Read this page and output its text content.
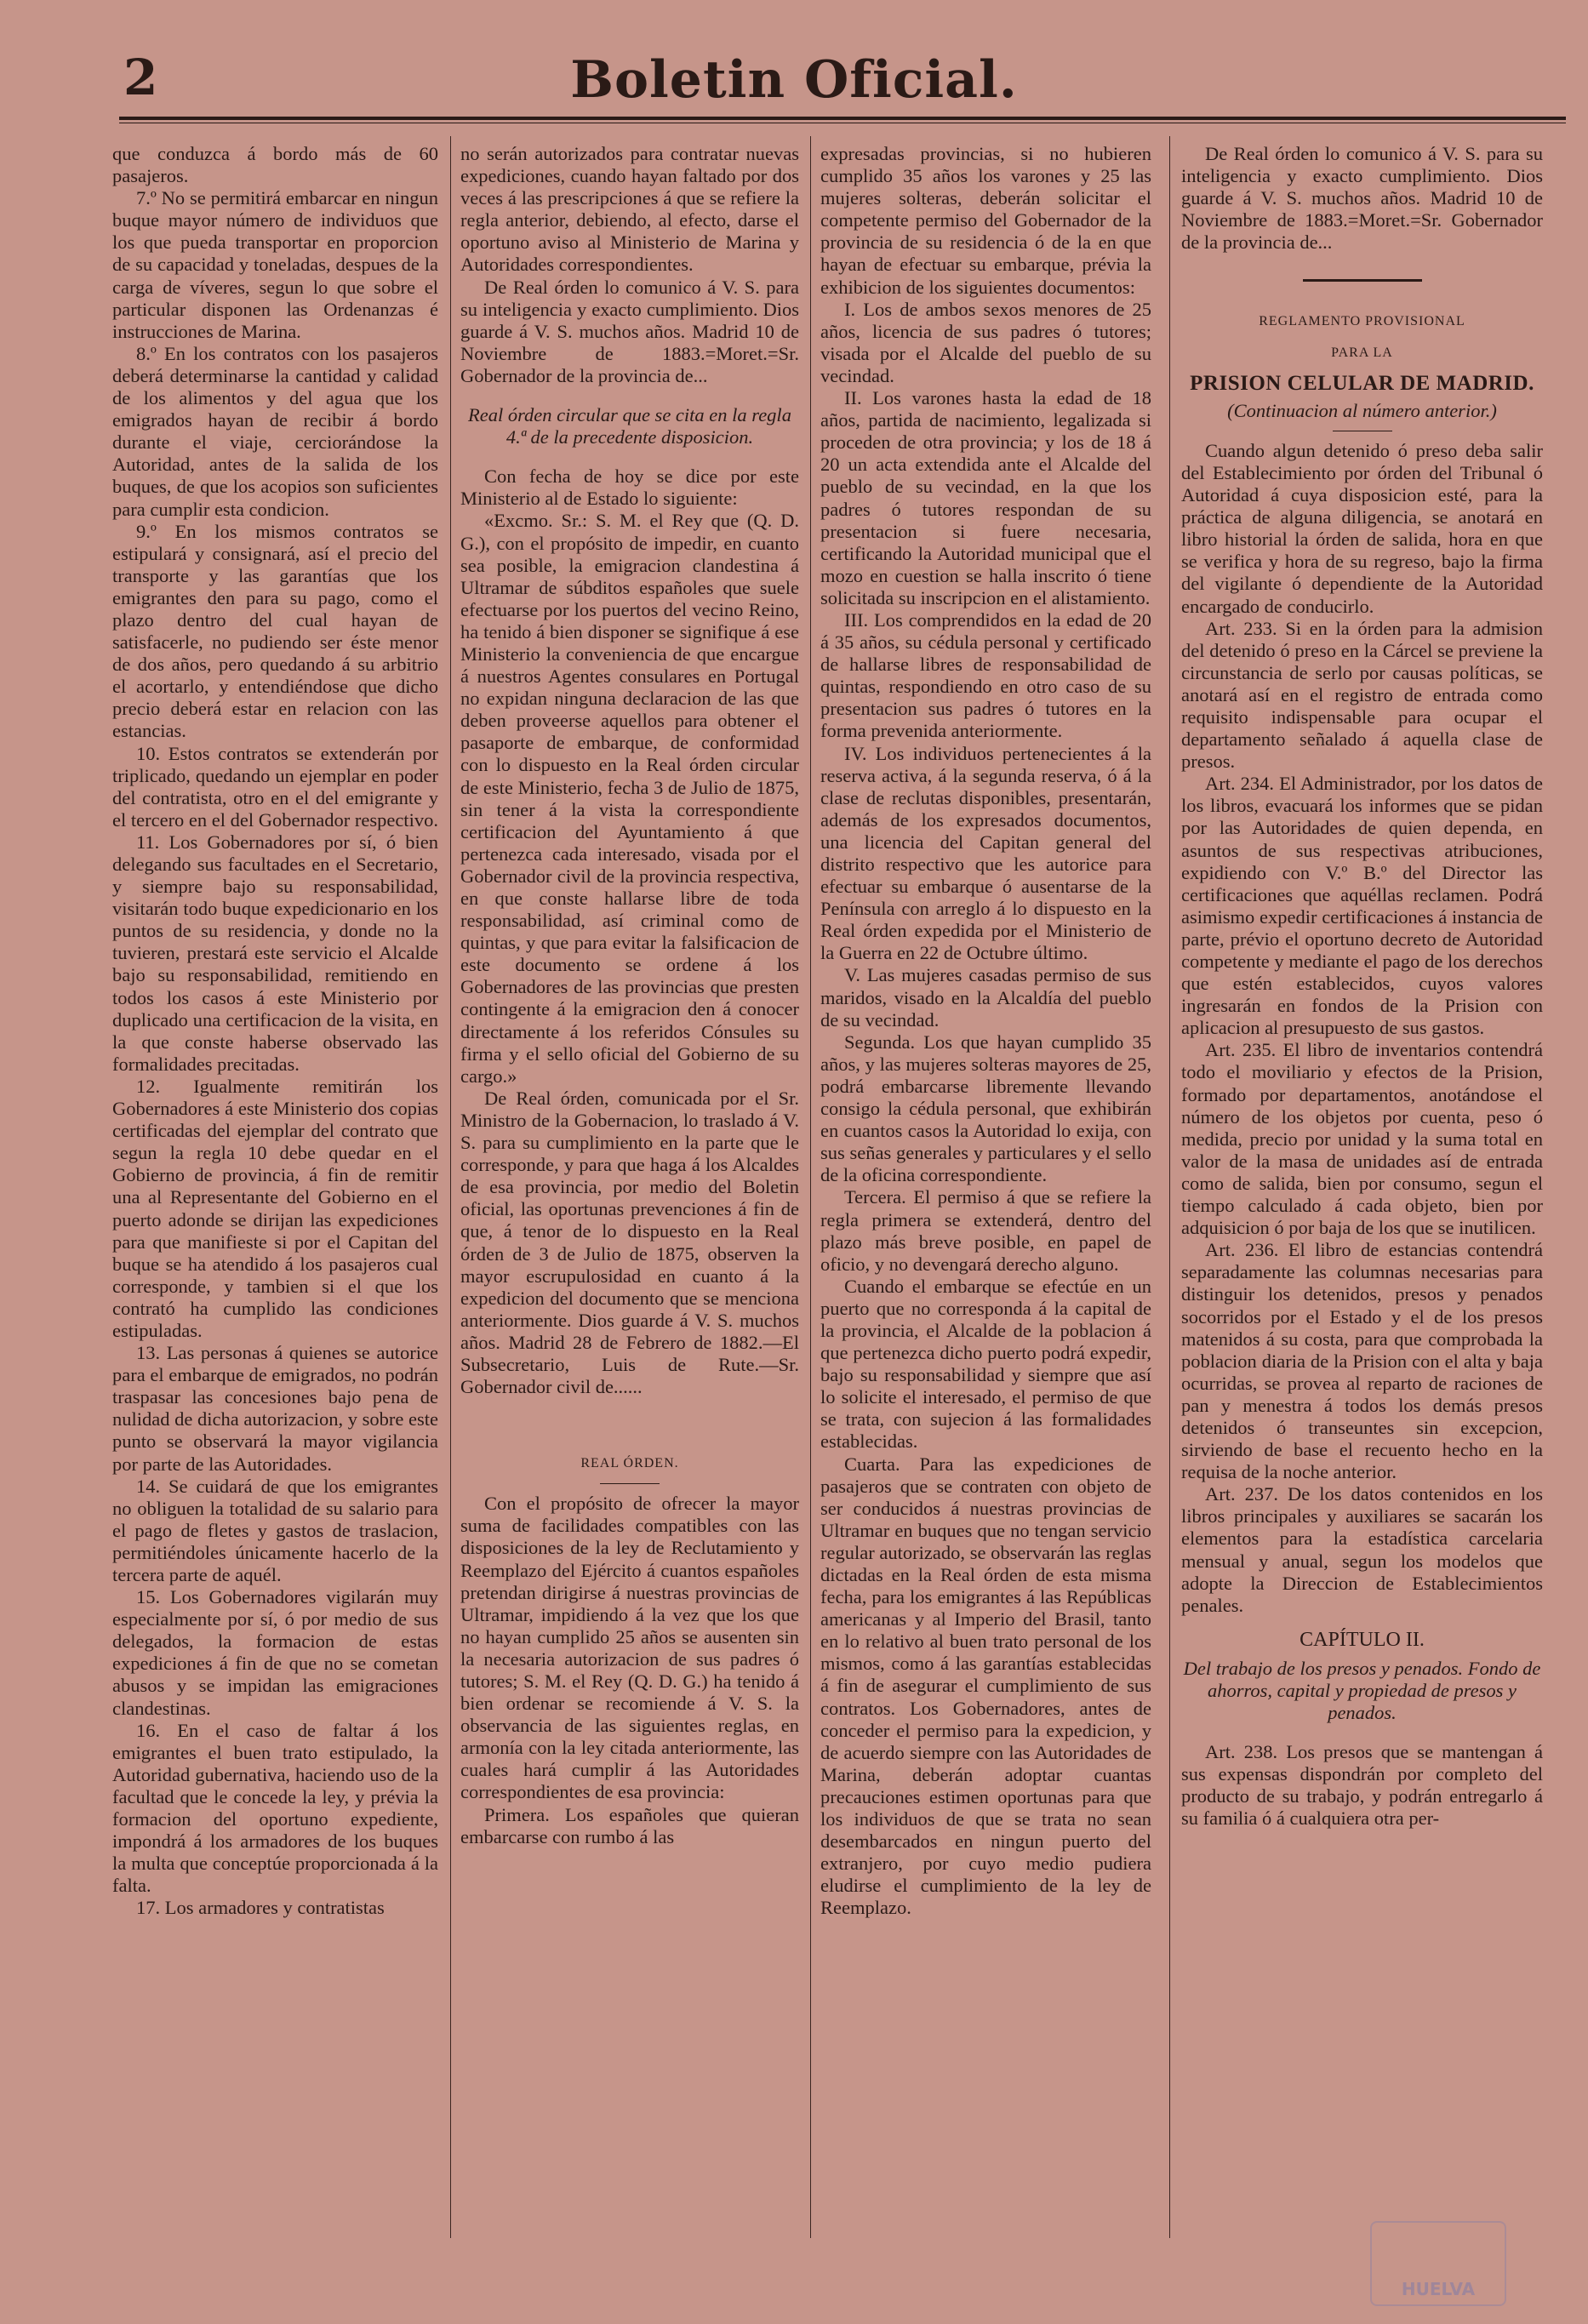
2	Boletin Oficial.

que conduzca á bordo más de 60 pasajeros.

7.º No se permitirá embarcar en ningun buque mayor número de individuos que los que pueda transportar en proporcion de su capacidad y toneladas, despues de la carga de víveres, segun lo que sobre el particular disponen las Ordenanzas é instrucciones de Marina.

8.º En los contratos con los pasajeros deberá determinarse la cantidad y calidad de los alimentos y del agua que los emigrados hayan de recibir á bordo durante el viaje, cerciorándose la Autoridad, antes de la salida de los buques, de que los acopios son suficientes para cumplir esta condicion.

9.º En los mismos contratos se estipulará y consignará, así el precio del transporte y las garantías que los emigrantes den para su pago, como el plazo dentro del cual hayan de satisfacerle, no pudiendo ser éste menor de dos años, pero quedando á su arbitrio el acortarlo, y entendiéndose que dicho precio deberá estar en relacion con las estancias.

10. Estos contratos se extenderán por triplicado, quedando un ejemplar en poder del contratista, otro en el del emigrante y el tercero en el del Gobernador respectivo.

11. Los Gobernadores por sí, ó bien delegando sus facultades en el Secretario, y siempre bajo su responsabilidad, visitarán todo buque expedicionario en los puntos de su residencia, y donde no la tuvieren, prestará este servicio el Alcalde bajo su responsabilidad, remitiendo en todos los casos á este Ministerio por duplicado una certificacion de la visita, en la que conste haberse observado las formalidades precitadas.

12. Igualmente remitirán los Gobernadores á este Ministerio dos copias certificadas del ejemplar del contrato que segun la regla 10 debe quedar en el Gobierno de provincia, á fin de remitir una al Representante del Gobierno en el puerto adonde se dirijan las expediciones para que manifieste si por el Capitan del buque se ha atendido á los pasajeros cual corresponde, y tambien si el que los contrató ha cumplido las condiciones estipuladas.

13. Las personas á quienes se autorice para el embarque de emigrados, no podrán traspasar las concesiones bajo pena de nulidad de dicha autorizacion, y sobre este punto se observará la mayor vigilancia por parte de las Autoridades.

14. Se cuidará de que los emigrantes no obliguen la totalidad de su salario para el pago de fletes y gastos de traslacion, permitiéndoles únicamente hacerlo de la tercera parte de aquél.

15. Los Gobernadores vigilarán muy especialmente por sí, ó por medio de sus delegados, la formacion de estas expediciones á fin de que no se cometan abusos y se impidan las emigraciones clandestinas.

16. En el caso de faltar á los emigrantes el buen trato estipulado, la Autoridad gubernativa, haciendo uso de la facultad que le concede la ley, y prévia la formacion del oportuno expediente, impondrá á los armadores de los buques la multa que conceptúe proporcionada á la falta.

17. Los armadores y contratistas

no serán autorizados para contratar nuevas expediciones, cuando hayan faltado por dos veces á las prescripciones á que se refiere la regla anterior, debiendo, al efecto, darse el oportuno aviso al Ministerio de Marina y Autoridades correspondientes.

De Real órden lo comunico á V. S. para su inteligencia y exacto cumplimiento. Dios guarde á V. S. muchos años. Madrid 10 de Noviembre de 1883.=Moret.=Sr. Gobernador de la provincia de...

Real órden circular que se cita en la regla 4.ª de la precedente disposicion.

Con fecha de hoy se dice por este Ministerio al de Estado lo siguiente:

«Excmo. Sr.: S. M. el Rey que (Q. D. G.), con el propósito de impedir, en cuanto sea posible, la emigracion clandestina á Ultramar de súbditos españoles que suele efectuarse por los puertos del vecino Reino, ha tenido á bien disponer se signifique á ese Ministerio la conveniencia de que encargue á nuestros Agentes consulares en Portugal no expidan ninguna declaracion de las que deben proveerse aquellos para obtener el pasaporte de embarque, de conformidad con lo dispuesto en la Real órden circular de este Ministerio, fecha 3 de Julio de 1875, sin tener á la vista la correspondiente certificacion del Ayuntamiento á que pertenezca cada interesado, visada por el Gobernador civil de la provincia respectiva, en que conste hallarse libre de toda responsabilidad, así criminal como de quintas, y que para evitar la falsificacion de este documento se ordene á los Gobernadores de las provincias que presten contingente á la emigracion den á conocer directamente á los referidos Cónsules su firma y el sello oficial del Gobierno de su cargo.»

De Real órden, comunicada por el Sr. Ministro de la Gobernacion, lo traslado á V. S. para su cumplimiento en la parte que le corresponde, y para que haga á los Alcaldes de esa provincia, por medio del Boletin oficial, las oportunas prevenciones á fin de que, á tenor de lo dispuesto en la Real órden de 3 de Julio de 1875, observen la mayor escrupulosidad en cuanto á la expedicion del documento que se menciona anteriormente. Dios guarde á V. S. muchos años. Madrid 28 de Febrero de 1882.—El Subsecretario, Luis de Rute.—Sr. Gobernador civil de......

REAL ÓRDEN.

Con el propósito de ofrecer la mayor suma de facilidades compatibles con las disposiciones de la ley de Reclutamiento y Reemplazo del Ejército á cuantos españoles pretendan dirigirse á nuestras provincias de Ultramar, impidiendo á la vez que los que no hayan cumplido 25 años se ausenten sin la necesaria autorizacion de sus padres ó tutores; S. M. el Rey (Q. D. G.) ha tenido á bien ordenar se recomiende á V. S. la observancia de las siguientes reglas, en armonía con la ley citada anteriormente, las cuales hará cumplir á las Autoridades correspondientes de esa provincia:

Primera. Los españoles que quieran embarcarse con rumbo á las

expresadas provincias, si no hubieren cumplido 35 años los varones y 25 las mujeres solteras, deberán solicitar el competente permiso del Gobernador de la provincia de su residencia ó de la en que hayan de efectuar su embarque, prévia la exhibicion de los siguientes documentos:

I. Los de ambos sexos menores de 25 años, licencia de sus padres ó tutores; visada por el Alcalde del pueblo de su vecindad.

II. Los varones hasta la edad de 18 años, partida de nacimiento, legalizada si proceden de otra provincia; y los de 18 á 20 un acta extendida ante el Alcalde del pueblo de su vecindad, en la que los padres ó tutores respondan de su presentacion si fuere necesaria, certificando la Autoridad municipal que el mozo en cuestion se halla inscrito ó tiene solicitada su inscripcion en el alistamiento.

III. Los comprendidos en la edad de 20 á 35 años, su cédula personal y certificado de hallarse libres de responsabilidad de quintas, respondiendo en otro caso de su presentacion sus padres ó tutores en la forma prevenida anteriormente.

IV. Los individuos pertenecientes á la reserva activa, á la segunda reserva, ó á la clase de reclutas disponibles, presentarán, además de los expresados documentos, una licencia del Capitan general del distrito respectivo que les autorice para efectuar su embarque ó ausentarse de la Península con arreglo á lo dispuesto en la Real órden expedida por el Ministerio de la Guerra en 22 de Octubre último.

V. Las mujeres casadas permiso de sus maridos, visado en la Alcaldía del pueblo de su vecindad.

Segunda. Los que hayan cumplido 35 años, y las mujeres solteras mayores de 25, podrá embarcarse libremente llevando consigo la cédula personal, que exhibirán en cuantos casos la Autoridad lo exija, con sus señas generales y particulares y el sello de la oficina correspondiente.

Tercera. El permiso á que se refiere la regla primera se extenderá, dentro del plazo más breve posible, en papel de oficio, y no devengará derecho alguno.

Cuando el embarque se efectúe en un puerto que no corresponda á la capital de la provincia, el Alcalde de la poblacion á que pertenezca dicho puerto podrá expedir, bajo su responsabilidad y siempre que así lo solicite el interesado, el permiso de que se trata, con sujecion á las formalidades establecidas.

Cuarta. Para las expediciones de pasajeros que se contraten con objeto de ser conducidos á nuestras provincias de Ultramar en buques que no tengan servicio regular autorizado, se observarán las reglas dictadas en la Real órden de esta misma fecha, para los emigrantes á las Repúblicas americanas y al Imperio del Brasil, tanto en lo relativo al buen trato personal de los mismos, como á las garantías establecidas á fin de asegurar el cumplimiento de sus contratos. Los Gobernadores, antes de conceder el permiso para la expedicion, y de acuerdo siempre con las Autoridades de Marina, deberán adoptar cuantas precauciones estimen oportunas para que los individuos de que se trata no sean desembarcados en ningun puerto del extranjero, por cuyo medio pudiera eludirse el cumplimiento de la ley de Reemplazo.

De Real órden lo comunico á V. S. para su inteligencia y exacto cumplimiento. Dios guarde á V. S. muchos años. Madrid 10 de Noviembre de 1883.=Moret.=Sr. Gobernador de la provincia de...

REGLAMENTO PROVISIONAL

PARA LA

PRISION CELULAR DE MADRID.

(Continuacion al número anterior.)

Cuando algun detenido ó preso deba salir del Establecimiento por órden del Tribunal ó Autoridad á cuya disposicion esté, para la práctica de alguna diligencia, se anotará en libro historial la órden de salida, hora en que se verifica y hora de su regreso, bajo la firma del vigilante ó dependiente de la Autoridad encargado de conducirlo.

Art. 233. Si en la órden para la admision del detenido ó preso en la Cárcel se previene la circunstancia de serlo por causas políticas, se anotará así en el registro de entrada como requisito indispensable para ocupar el departamento señalado á aquella clase de presos.

Art. 234. El Administrador, por los datos de los libros, evacuará los informes que se pidan por las Autoridades de quien dependa, en asuntos de sus respectivas atribuciones, expidiendo con V.º B.º del Director las certificaciones que aquéllas reclamen. Podrá asimismo expedir certificaciones á instancia de parte, prévio el oportuno decreto de Autoridad competente y mediante el pago de los derechos que estén establecidos, cuyos valores ingresarán en fondos de la Prision con aplicacion al presupuesto de sus gastos.

Art. 235. El libro de inventarios contendrá todo el moviliario y efectos de la Prision, formado por departamentos, anotándose el número de los objetos por cuenta, peso ó medida, precio por unidad y la suma total en valor de la masa de unidades así de entrada como de salida, bien por consumo, segun el tiempo calculado á cada objeto, bien por adquisicion ó por baja de los que se inutilicen.

Art. 236. El libro de estancias contendrá separadamente las columnas necesarias para distinguir los detenidos, presos y penados socorridos por el Estado y el de los presos matenidos á su costa, para que comprobada la poblacion diaria de la Prision con el alta y baja ocurridas, se provea al reparto de raciones de pan y menestra á todos los demás presos detenidos ó transeuntes sin excepcion, sirviendo de base el recuento hecho en la requisa de la noche anterior.

Art. 237. De los datos contenidos en los libros principales y auxiliares se sacarán los elementos para la estadística carcelaria mensual y anual, segun los modelos que adopte la Direccion de Establecimientos penales.

CAPÍTULO II.

Del trabajo de los presos y penados. Fondo de ahorros, capital y propiedad de presos y penados.

Art. 238. Los presos que se mantengan á sus expensas dispondrán por completo del producto de su trabajo, y podrán entregarlo á su familia ó á cualquiera otra per-

HUELVA
